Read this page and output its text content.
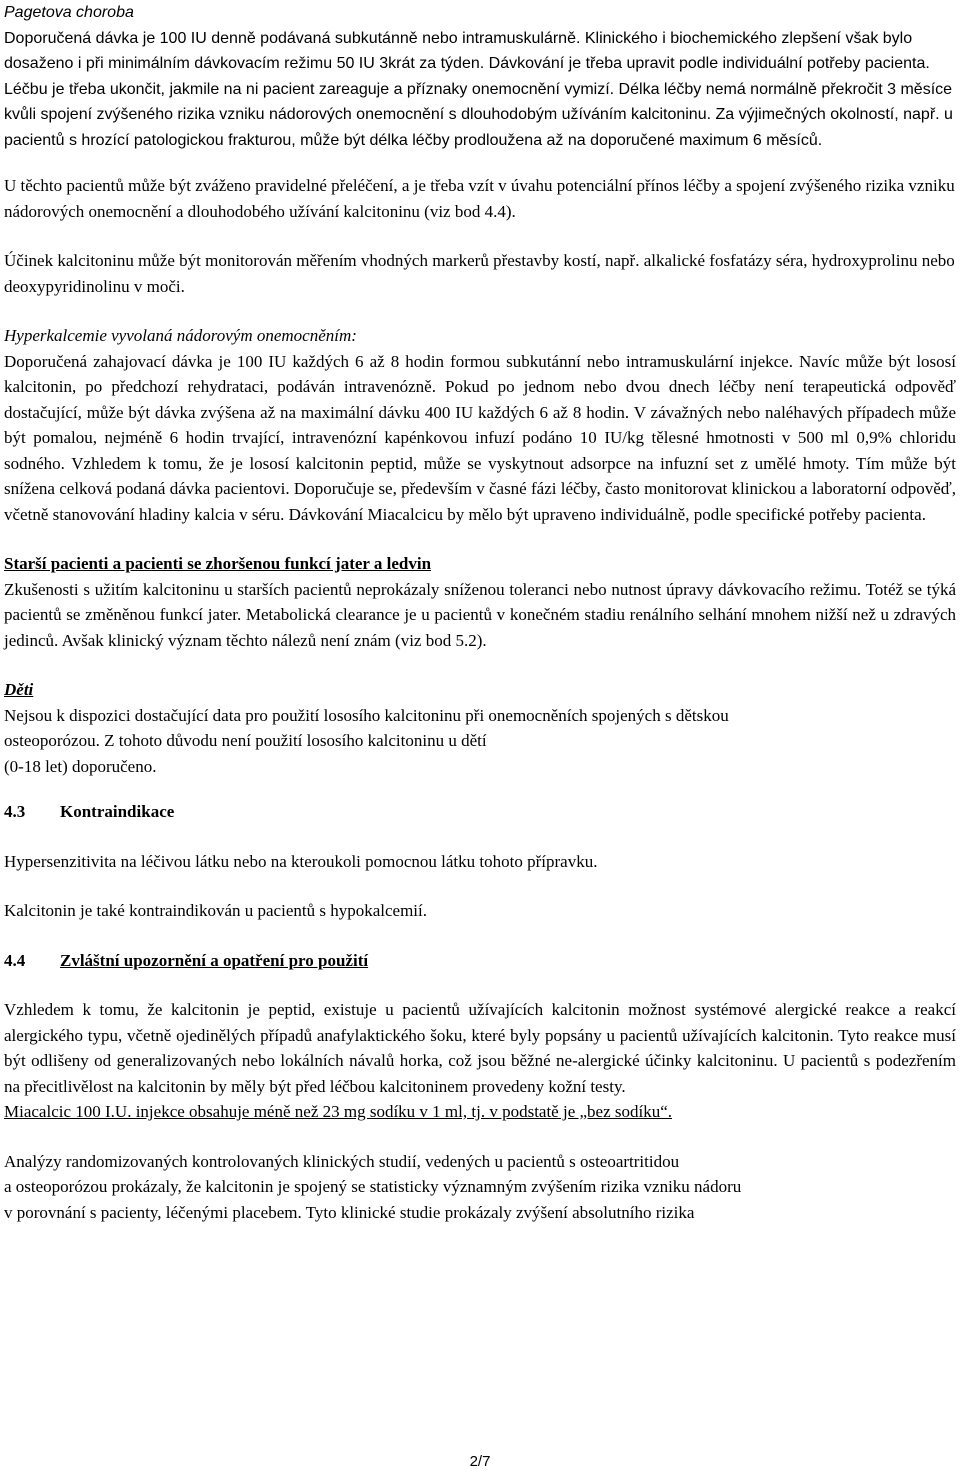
Pagetova choroba

Doporučená dávka je 100 IU denně podávaná subkutánně nebo intramuskulárně. Klinického i biochemického zlepšení však bylo dosaženo i při minimálním dávkovacím režimu 50 IU 3krát za týden. Dávkování je třeba upravit podle individuální potřeby pacienta. Léčbu je třeba ukončit, jakmile na ni pacient zareaguje a příznaky onemocnění vymizí. Délka léčby nemá normálně překročit 3 měsíce kvůli spojení zvýšeného rizika vzniku nádorových onemocnění s dlouhodobým užíváním kalcitoninu. Za výjimečných okolností, např. u pacientů s hrozící patologickou frakturou, může být délka léčby prodloužena až na doporučené maximum 6 měsíců.

U těchto pacientů může být zváženo pravidelné přeléčení, a je třeba vzít v úvahu potenciální přínos léčby a spojení zvýšeného rizika vzniku nádorových onemocnění a dlouhodobého užívání kalcitoninu (viz bod 4.4).

Účinek kalcitoninu může být monitorován měřením vhodných markerů přestavby kostí, např. alkalické fosfatázy séra, hydroxyprolinu nebo deoxypyridinolinu v moči.

Hyperkalcemie vyvolaná nádorovým onemocněním:

Doporučená zahajovací dávka je 100 IU každých 6 až 8 hodin formou subkutánní nebo intramuskulární injekce. Navíc může být lososí kalcitonin, po předchozí rehydrataci, podáván intravenózně. Pokud po jednom nebo dvou dnech léčby není terapeutická odpověď dostačující, může být dávka zvýšena až na maximální dávku 400 IU každých 6 až 8 hodin. V závažných nebo naléhavých případech může být pomalou, nejméně 6 hodin trvající, intravenózní kapénkovou infuzí podáno 10 IU/kg tělesné hmotnosti v 500 ml 0,9% chloridu sodného. Vzhledem k tomu, že je lososí kalcitonin peptid, může se vyskytnout adsorpce na infuzní set z umělé hmoty. Tím může být snížena celková podaná dávka pacientovi. Doporučuje se, především v časné fázi léčby, často monitorovat klinickou a laboratorní odpověď, včetně stanovování hladiny kalcia v séru. Dávkování Miacalcicu by mělo být upraveno individuálně, podle specifické potřeby pacienta.

Starší pacienti a pacienti se zhoršenou funkcí jater a ledvin

Zkušenosti s užitím kalcitoninu u starších pacientů neprokázaly sníženou toleranci nebo nutnost úpravy dávkovacího režimu. Totéž se týká pacientů se změněnou funkcí jater. Metabolická clearance je u pacientů v konečném stadiu renálního selhání mnohem nižší než u zdravých jedinců. Avšak klinický význam těchto nálezů není znám (viz bod 5.2).

Děti

Nejsou k dispozici dostačující data pro použití lososího kalcitoninu při onemocněních spojených s dětskou

osteoporózou. Z tohoto důvodu není použití lososího kalcitoninu u dětí

(0-18 let) doporučeno.

4.3 Kontraindikace

Hypersenzitivita na léčivou látku nebo na kteroukoli pomocnou látku tohoto přípravku.

Kalcitonin je také kontraindikován u pacientů s hypokalcemií.

4.4 Zvláštní upozornění a opatření pro použití

Vzhledem k tomu, že kalcitonin je peptid, existuje u pacientů užívajících kalcitonin možnost systémové alergické reakce a reakcí alergického typu, včetně ojedinělých případů anafylaktického šoku, které byly popsány u pacientů užívajících kalcitonin. Tyto reakce musí být odlišeny od generalizovaných nebo lokálních návalů horka, což jsou běžné ne-alergické účinky kalcitoninu. U pacientů s podezřením na přecitlivělost na kalcitonin by měly být před léčbou kalcitoninem provedeny kožní testy.

Miacalcic 100 I.U. injekce obsahuje méně než 23 mg sodíku v 1 ml, tj. v podstatě je „bez sodíku“.

Analýzy randomizovaných kontrolovaných klinických studií, vedených u pacientů s osteoartritidou

a osteoporózou prokázaly, že kalcitonin je spojený se statisticky významným zvýšením rizika vzniku nádoru

v porovnání s pacienty, léčenými placebem. Tyto klinické studie prokázaly zvýšení absolutního rizika

2/7
